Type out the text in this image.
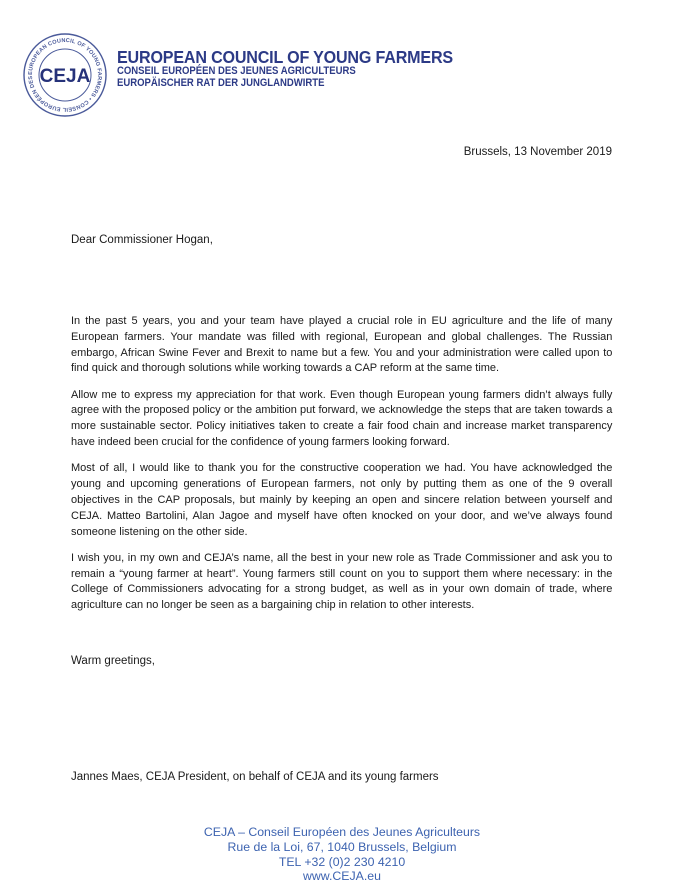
EUROPEAN COUNCIL OF YOUNG FARMERS • CONSEIL EUROPÉEN DES CEJA
EUROPEAN COUNCIL OF YOUNG FARMERS
CONSEIL EUROPÉEN DES JEUNES AGRICULTEURS
EUROPÄISCHER RAT DER JUNGLANDWIRTE
Brussels, 13 November 2019
Dear Commissioner Hogan,

In the past 5 years, you and your team have played a crucial role in EU agriculture and the life of many European farmers. Your mandate was filled with regional, European and global challenges. The Russian embargo, African Swine Fever and Brexit to name but a few. You and your administration were called upon to find quick and thorough solutions while working towards a CAP reform at the same time.

Allow me to express my appreciation for that work. Even though European young farmers didn’t always fully agree with the proposed policy or the ambition put forward, we acknowledge the steps that are taken towards a more sustainable sector. Policy initiatives taken to create a fair food chain and increase market transparency have indeed been crucial for the confidence of young farmers looking forward.

Most of all, I would like to thank you for the constructive cooperation we had. You have acknowledged the young and upcoming generations of European farmers, not only by putting them as one of the 9 overall objectives in the CAP proposals, but mainly by keeping an open and sincere relation between yourself and CEJA. Matteo Bartolini, Alan Jagoe and myself have often knocked on your door, and we’ve always found someone listening on the other side.

I wish you, in my own and CEJA’s name, all the best in your new role as Trade Commissioner and ask you to remain a “young farmer at heart”. Young farmers still count on you to support them where necessary: in the College of Commissioners advocating for a strong budget, as well as in your own domain of trade, where agriculture can no longer be seen as a bargaining chip in relation to other interests.

Warm greetings,
Jannes Maes, CEJA President, on behalf of CEJA and its young farmers
CEJA – Conseil Européen des Jeunes Agriculteurs
Rue de la Loi, 67, 1040 Brussels, Belgium
TEL +32 (0)2 230 4210
www.CEJA.eu
